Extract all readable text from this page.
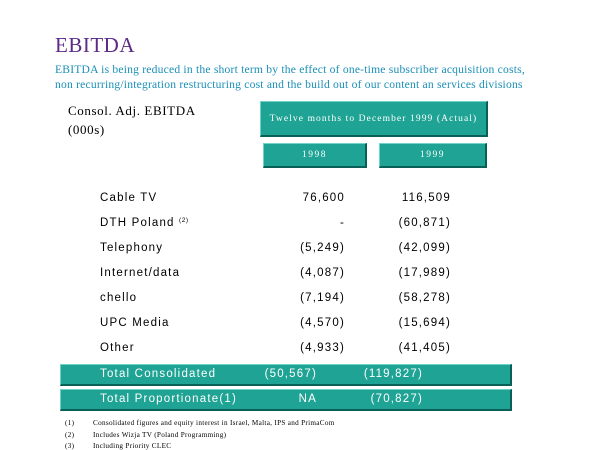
EBITDA
EBITDA is being reduced in the short term by the effect of one-time subscriber acquisition costs,
non recurring/integration restructuring cost and the build out of our content an services divisions
Consol. Adj. EBITDA
(000s)
Twelve months to December 1999 (Actual)
1998	1999
Cable TV	76,600	116,509
DTH Poland $^{(2)}$	-	(60,871)
Telephony	(5,249)	(42,099)
Internet/data	(4,087)	(17,989)
chello	(7,194)	(58,278)
UPC Media	(4,570)	(15,694)
Other	(4,933)	(41,405)
Total Consolidated	(50,567)	(119,827)
Total Proportionate(1)	NA	(70,827)
(1)	Consolidated figures and equity interest in Israel, Malta, IPS and PrimaCom
(2)	Includes Wizja TV (Poland Programming)
(3)	Including Priority CLEC
